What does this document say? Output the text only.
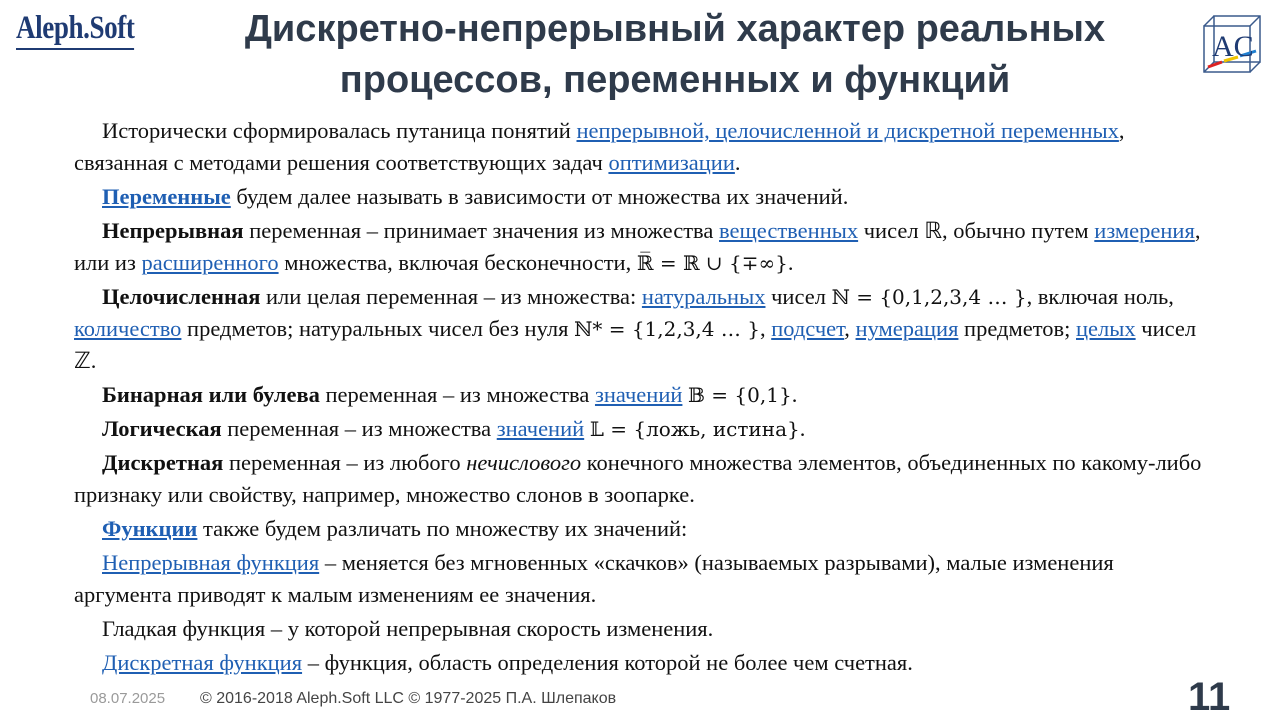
Aleph.Soft	Дискретно-непрерывный характер реальных
процессов, переменных и функций
AC

Исторически сформировалась путаница понятий непрерывной, целочисленной и дискретной переменных, связанная с методами решения соответствующих задач оптимизации.

Переменные будем далее называть в зависимости от множества их значений.

Непрерывная переменная – принимает значения из множества вещественных чисел ℝ, обычно путем измерения, или из расширенного множества, включая бесконечности, ℝ̅ = ℝ ∪ {∓∞}.

Целочисленная или целая переменная – из множества: натуральных чисел ℕ = {0,1,2,3,4 … }, включая ноль, количество предметов; натуральных чисел без нуля ℕ* = {1,2,3,4 … }, подсчет, нумерация предметов; целых чисел ℤ.

Бинарная или булева переменная – из множества значений 𝔹 = {0,1}.

Логическая переменная – из множества значений 𝕃 = {ложь, истина}.

Дискретная переменная – из любого нечислового конечного множества элементов, объединенных по какому-либо признаку или свойству, например, множество слонов в зоопарке.

Функции также будем различать по множеству их значений:

Непрерывная функция – меняется без мгновенных «скачков» (называемых разрывами), малые изменения аргумента приводят к малым изменениям ее значения.

Гладкая функция – у которой непрерывная скорость изменения.

Дискретная функция – функция, область определения которой не более чем счетная.

08.07.2025 © 2016-2018 Aleph.Soft LLC © 1977-2025 П.А. Шлепаков	11
